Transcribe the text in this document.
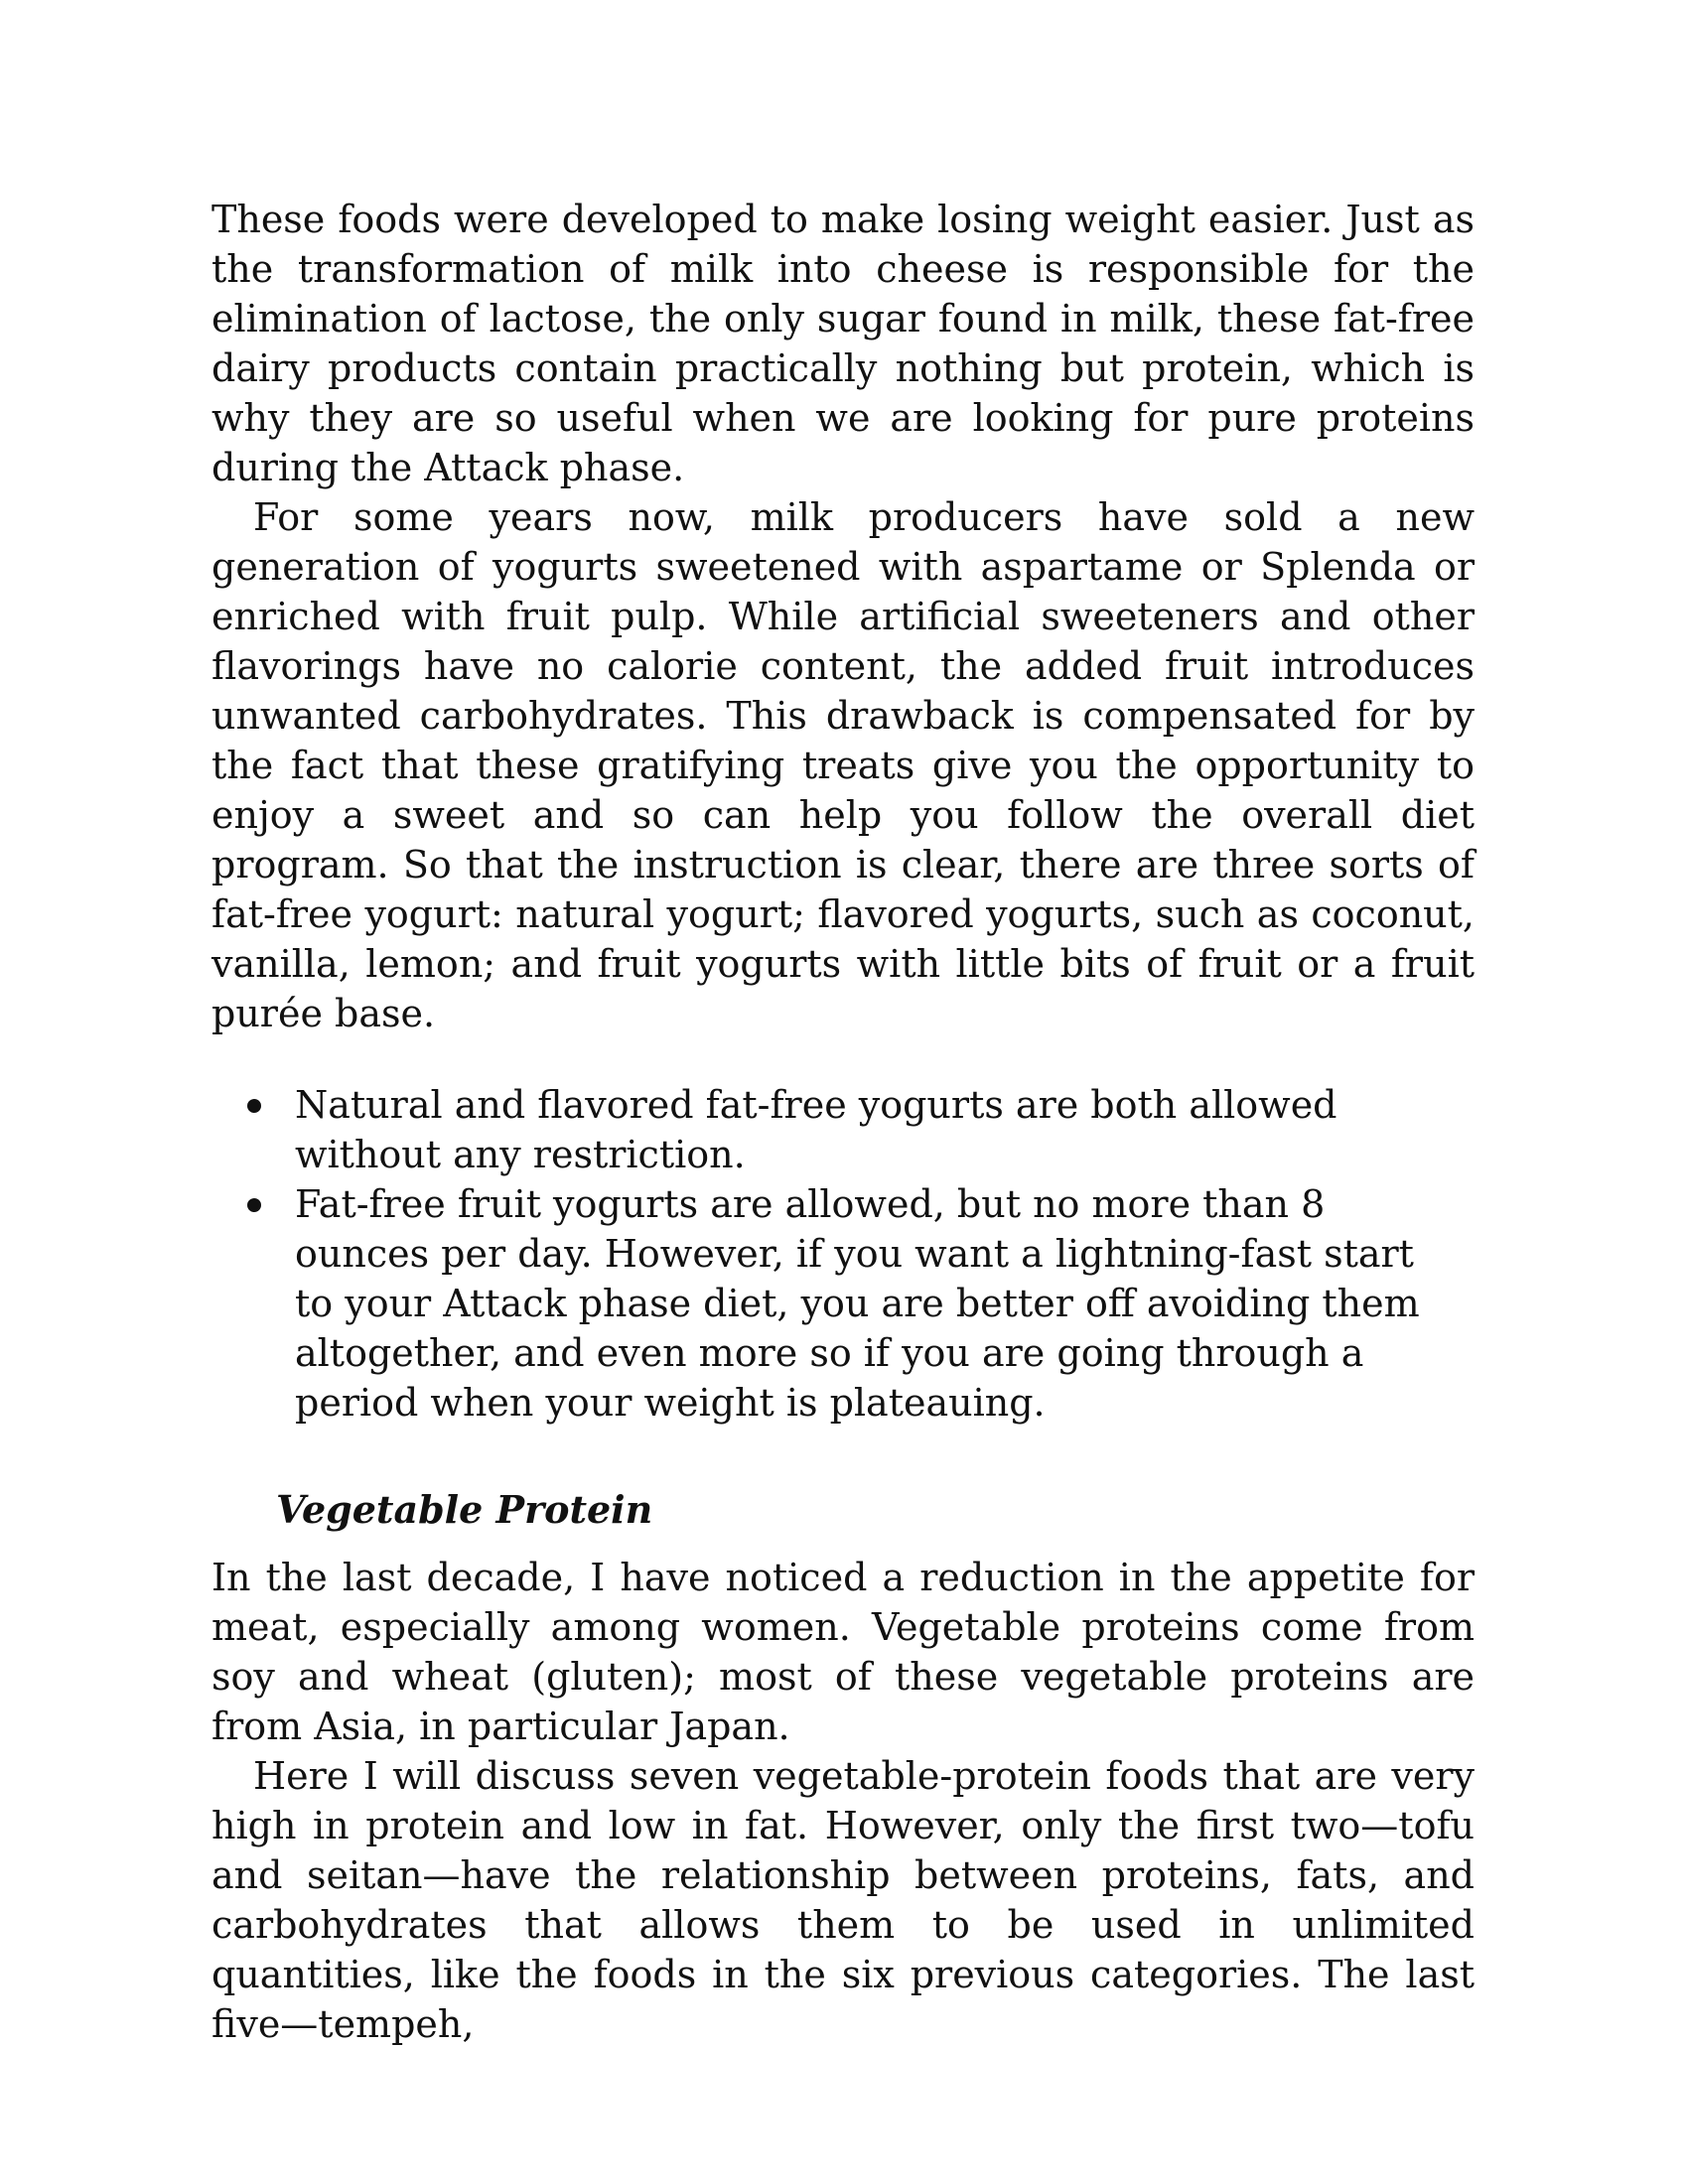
These foods were developed to make losing weight easier. Just as the transformation of milk into cheese is responsible for the elimination of lactose, the only sugar found in milk, these fat-free dairy products contain practically nothing but protein, which is why they are so useful when we are looking for pure proteins during the Attack phase.

For some years now, milk producers have sold a new generation of yogurts sweetened with aspartame or Splenda or enriched with fruit pulp. While artificial sweeteners and other flavorings have no calorie content, the added fruit introduces unwanted carbohydrates. This drawback is compensated for by the fact that these gratifying treats give you the opportunity to enjoy a sweet and so can help you follow the overall diet program. So that the instruction is clear, there are three sorts of fat-free yogurt: natural yogurt; flavored yogurts, such as coconut, vanilla, lemon; and fruit yogurts with little bits of fruit or a fruit purée base.

Natural and flavored fat-free yogurts are both allowed without any restriction.
Fat-free fruit yogurts are allowed, but no more than 8 ounces per day. However, if you want a lightning-fast start to your Attack phase diet, you are better off avoiding them altogether, and even more so if you are going through a period when your weight is plateauing.
Vegetable Protein

In the last decade, I have noticed a reduction in the appetite for meat, especially among women. Vegetable proteins come from soy and wheat (gluten); most of these vegetable proteins are from Asia, in particular Japan.

Here I will discuss seven vegetable-protein foods that are very high in protein and low in fat. However, only the first two—tofu and seitan—have the relationship between proteins, fats, and carbohydrates that allows them to be used in unlimited quantities, like the foods in the six previous categories. The last five—tempeh,
